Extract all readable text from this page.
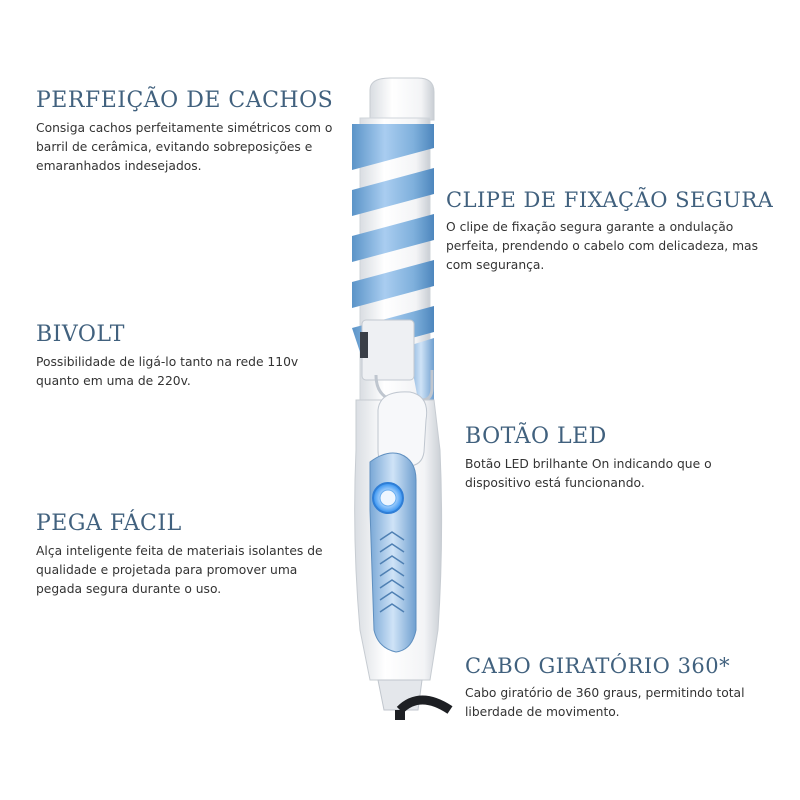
PERFEIÇÃO DE CACHOS

Consiga cachos perfeitamente simétricos com o barril de cerâmica, evitando sobreposições e emaranhados indesejados.

CLIPE DE FIXAÇÃO SEGURA

O clipe de fixação segura garante a ondulação perfeita, prendendo o cabelo com delicadeza, mas com segurança.

BIVOLT

Possibilidade de ligá-lo tanto na rede 110v quanto em uma de 220v.

BOTÃO LED

Botão LED brilhante On indicando que o dispositivo está funcionando.

PEGA FÁCIL

Alça inteligente feita de materiais isolantes de qualidade e projetada para promover uma pegada segura durante o uso.

CABO GIRATÓRIO 360*

Cabo giratório de 360 graus, permitindo total liberdade de movimento.
